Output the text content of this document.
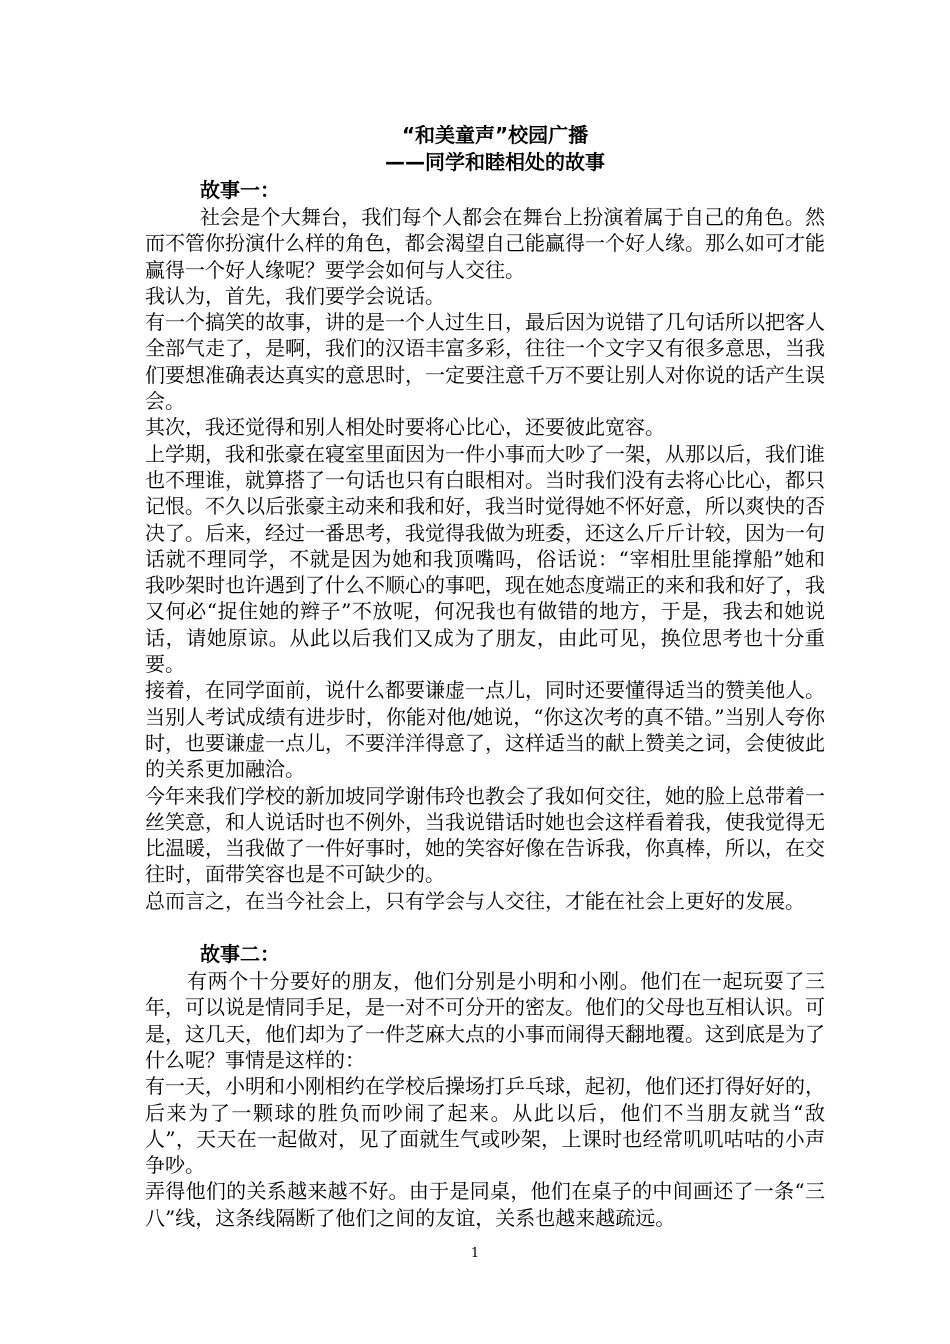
“和美童声”校园广播

——同学和睦相处的故事

故事一：

社会是个大舞台，我们每个人都会在舞台上扮演着属于自己的角色。然而不管你扮演什么样的角色，都会渴望自己能赢得一个好人缘。那么如可才能赢得一个好人缘呢？要学会如何与人交往。

我认为，首先，我们要学会说话。

有一个搞笑的故事，讲的是一个人过生日，最后因为说错了几句话所以把客人全部气走了，是啊，我们的汉语丰富多彩，往往一个文字又有很多意思，当我们要想准确表达真实的意思时，一定要注意千万不要让别人对你说的话产生误会。

其次，我还觉得和别人相处时要将心比心，还要彼此宽容。

上学期，我和张豪在寝室里面因为一件小事而大吵了一架，从那以后，我们谁也不理谁，就算搭了一句话也只有白眼相对。当时我们没有去将心比心，都只记恨。不久以后张豪主动来和我和好，我当时觉得她不怀好意，所以爽快的否决了。后来，经过一番思考，我觉得我做为班委，还这么斤斤计较，因为一句话就不理同学，不就是因为她和我顶嘴吗，俗话说：“宰相肚里能撑船”她和我吵架时也许遇到了什么不顺心的事吧，现在她态度端正的来和我和好了，我又何必“捉住她的辫子”不放呢，何况我也有做错的地方，于是，我去和她说话，请她原谅。从此以后我们又成为了朋友，由此可见，换位思考也十分重要。

接着，在同学面前，说什么都要谦虚一点儿，同时还要懂得适当的赞美他人。

当别人考试成绩有进步时，你能对他/她说，“你这次考的真不错。”当别人夸你时，也要谦虚一点儿，不要洋洋得意了，这样适当的献上赞美之词，会使彼此的关系更加融洽。

今年来我们学校的新加坡同学谢伟玲也教会了我如何交往，她的脸上总带着一丝笑意，和人说话时也不例外，当我说错话时她也会这样看着我，使我觉得无比温暖，当我做了一件好事时，她的笑容好像在告诉我，你真棒，所以，在交往时，面带笑容也是不可缺少的。

总而言之，在当今社会上，只有学会与人交往，才能在社会上更好的发展。

故事二：

有两个十分要好的朋友，他们分别是小明和小刚。他们在一起玩耍了三年，可以说是情同手足，是一对不可分开的密友。他们的父母也互相认识。可是，这几天，他们却为了一件芝麻大点的小事而闹得天翻地覆。这到底是为了什么呢？事情是这样的：

有一天，小明和小刚相约在学校后操场打乒乓球，起初，他们还打得好好的，后来为了一颗球的胜负而吵闹了起来。从此以后，他们不当朋友就当“敌人”，天天在一起做对，见了面就生气或吵架，上课时也经常叽叽咕咕的小声争吵。

弄得他们的关系越来越不好。由于是同桌，他们在桌子的中间画还了一条“三八”线，这条线隔断了他们之间的友谊，关系也越来越疏远。

1
